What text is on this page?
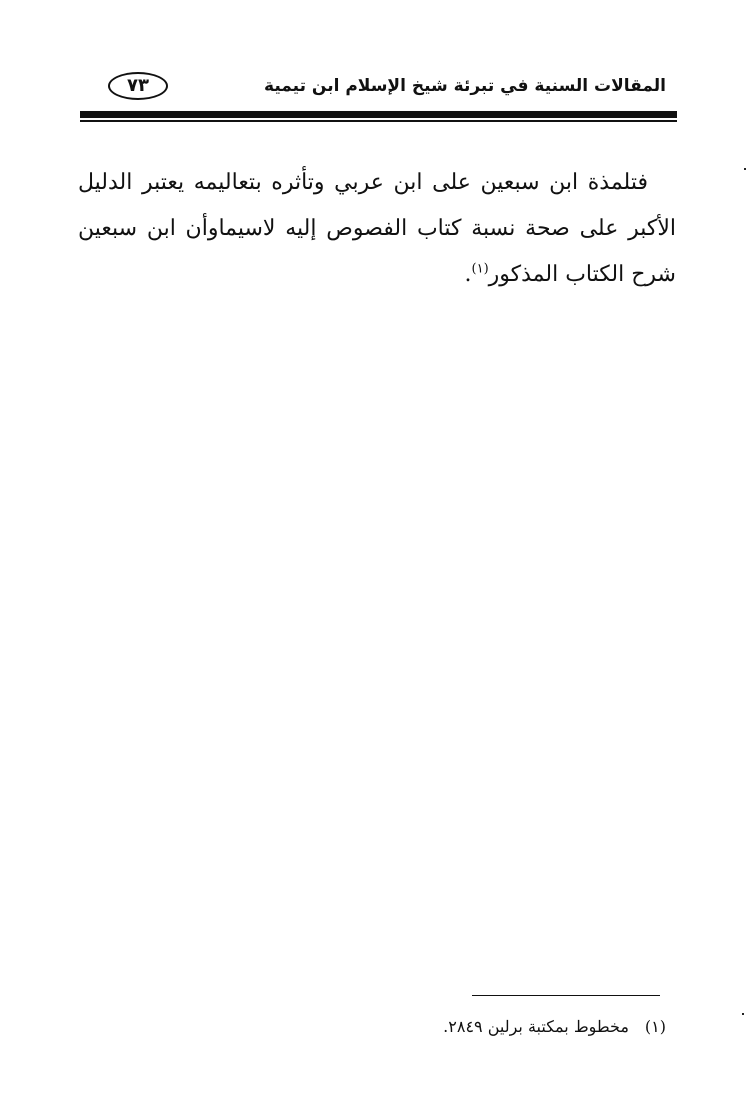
٧٣	المقالات السنية في تبرئة شيخ الإسلام ابن تيمية
فتلمذة ابن سبعين على ابن عربي وتأثره بتعاليمه يعتبر الدليل الأكبر على صحة نسبة كتاب الفصوص إليه لاسيماوأن ابن سبعين شرح الكتاب المذكور$^{(١)}$.
(١)مخطوط بمكتبة برلين ٢٨٤٩.
